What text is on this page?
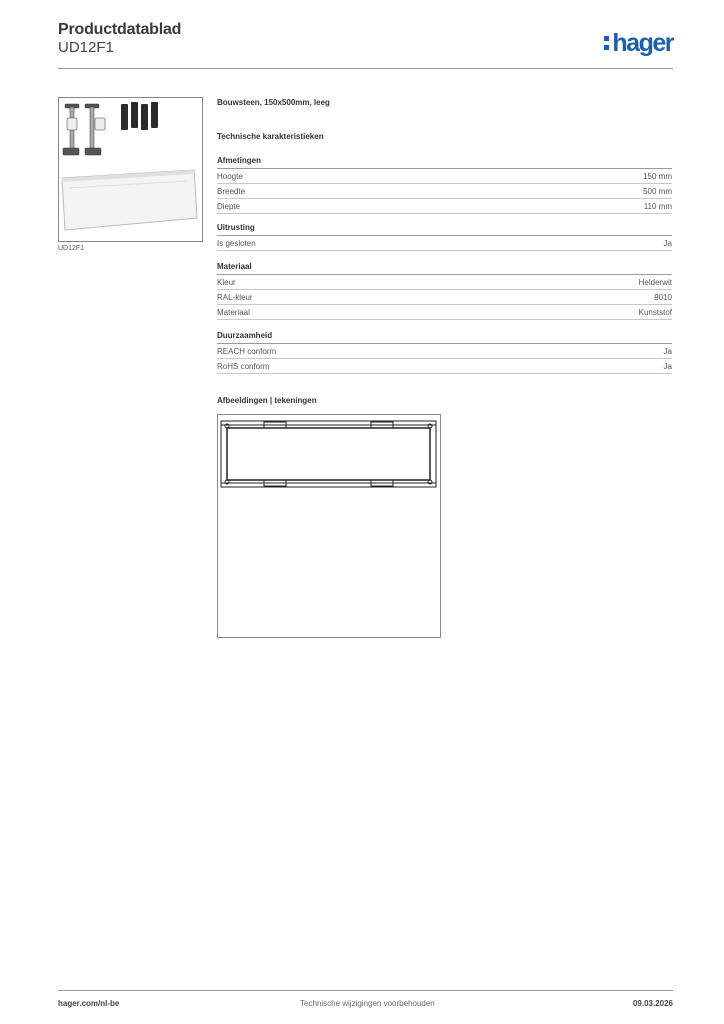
Productdatablad
UD12F1	hager
UD12F1
Bouwsteen, 150x500mm, leeg
Technische karakteristieken
Afmetingen
Hoogte	150 mm
Breedte	500 mm
Diepte	110 mm
Uitrusting
Is gesloten	Ja
Materiaal
Kleur	Helderwit
RAL-kleur	9010
Materiaal	Kunststof
Duurzaamheid
REACH conform	Ja
RoHS conform	Ja
Afbeeldingen | tekeningen
hager.com/nl-be	Technische wijzigingen voorbehouden	09.03.2026
